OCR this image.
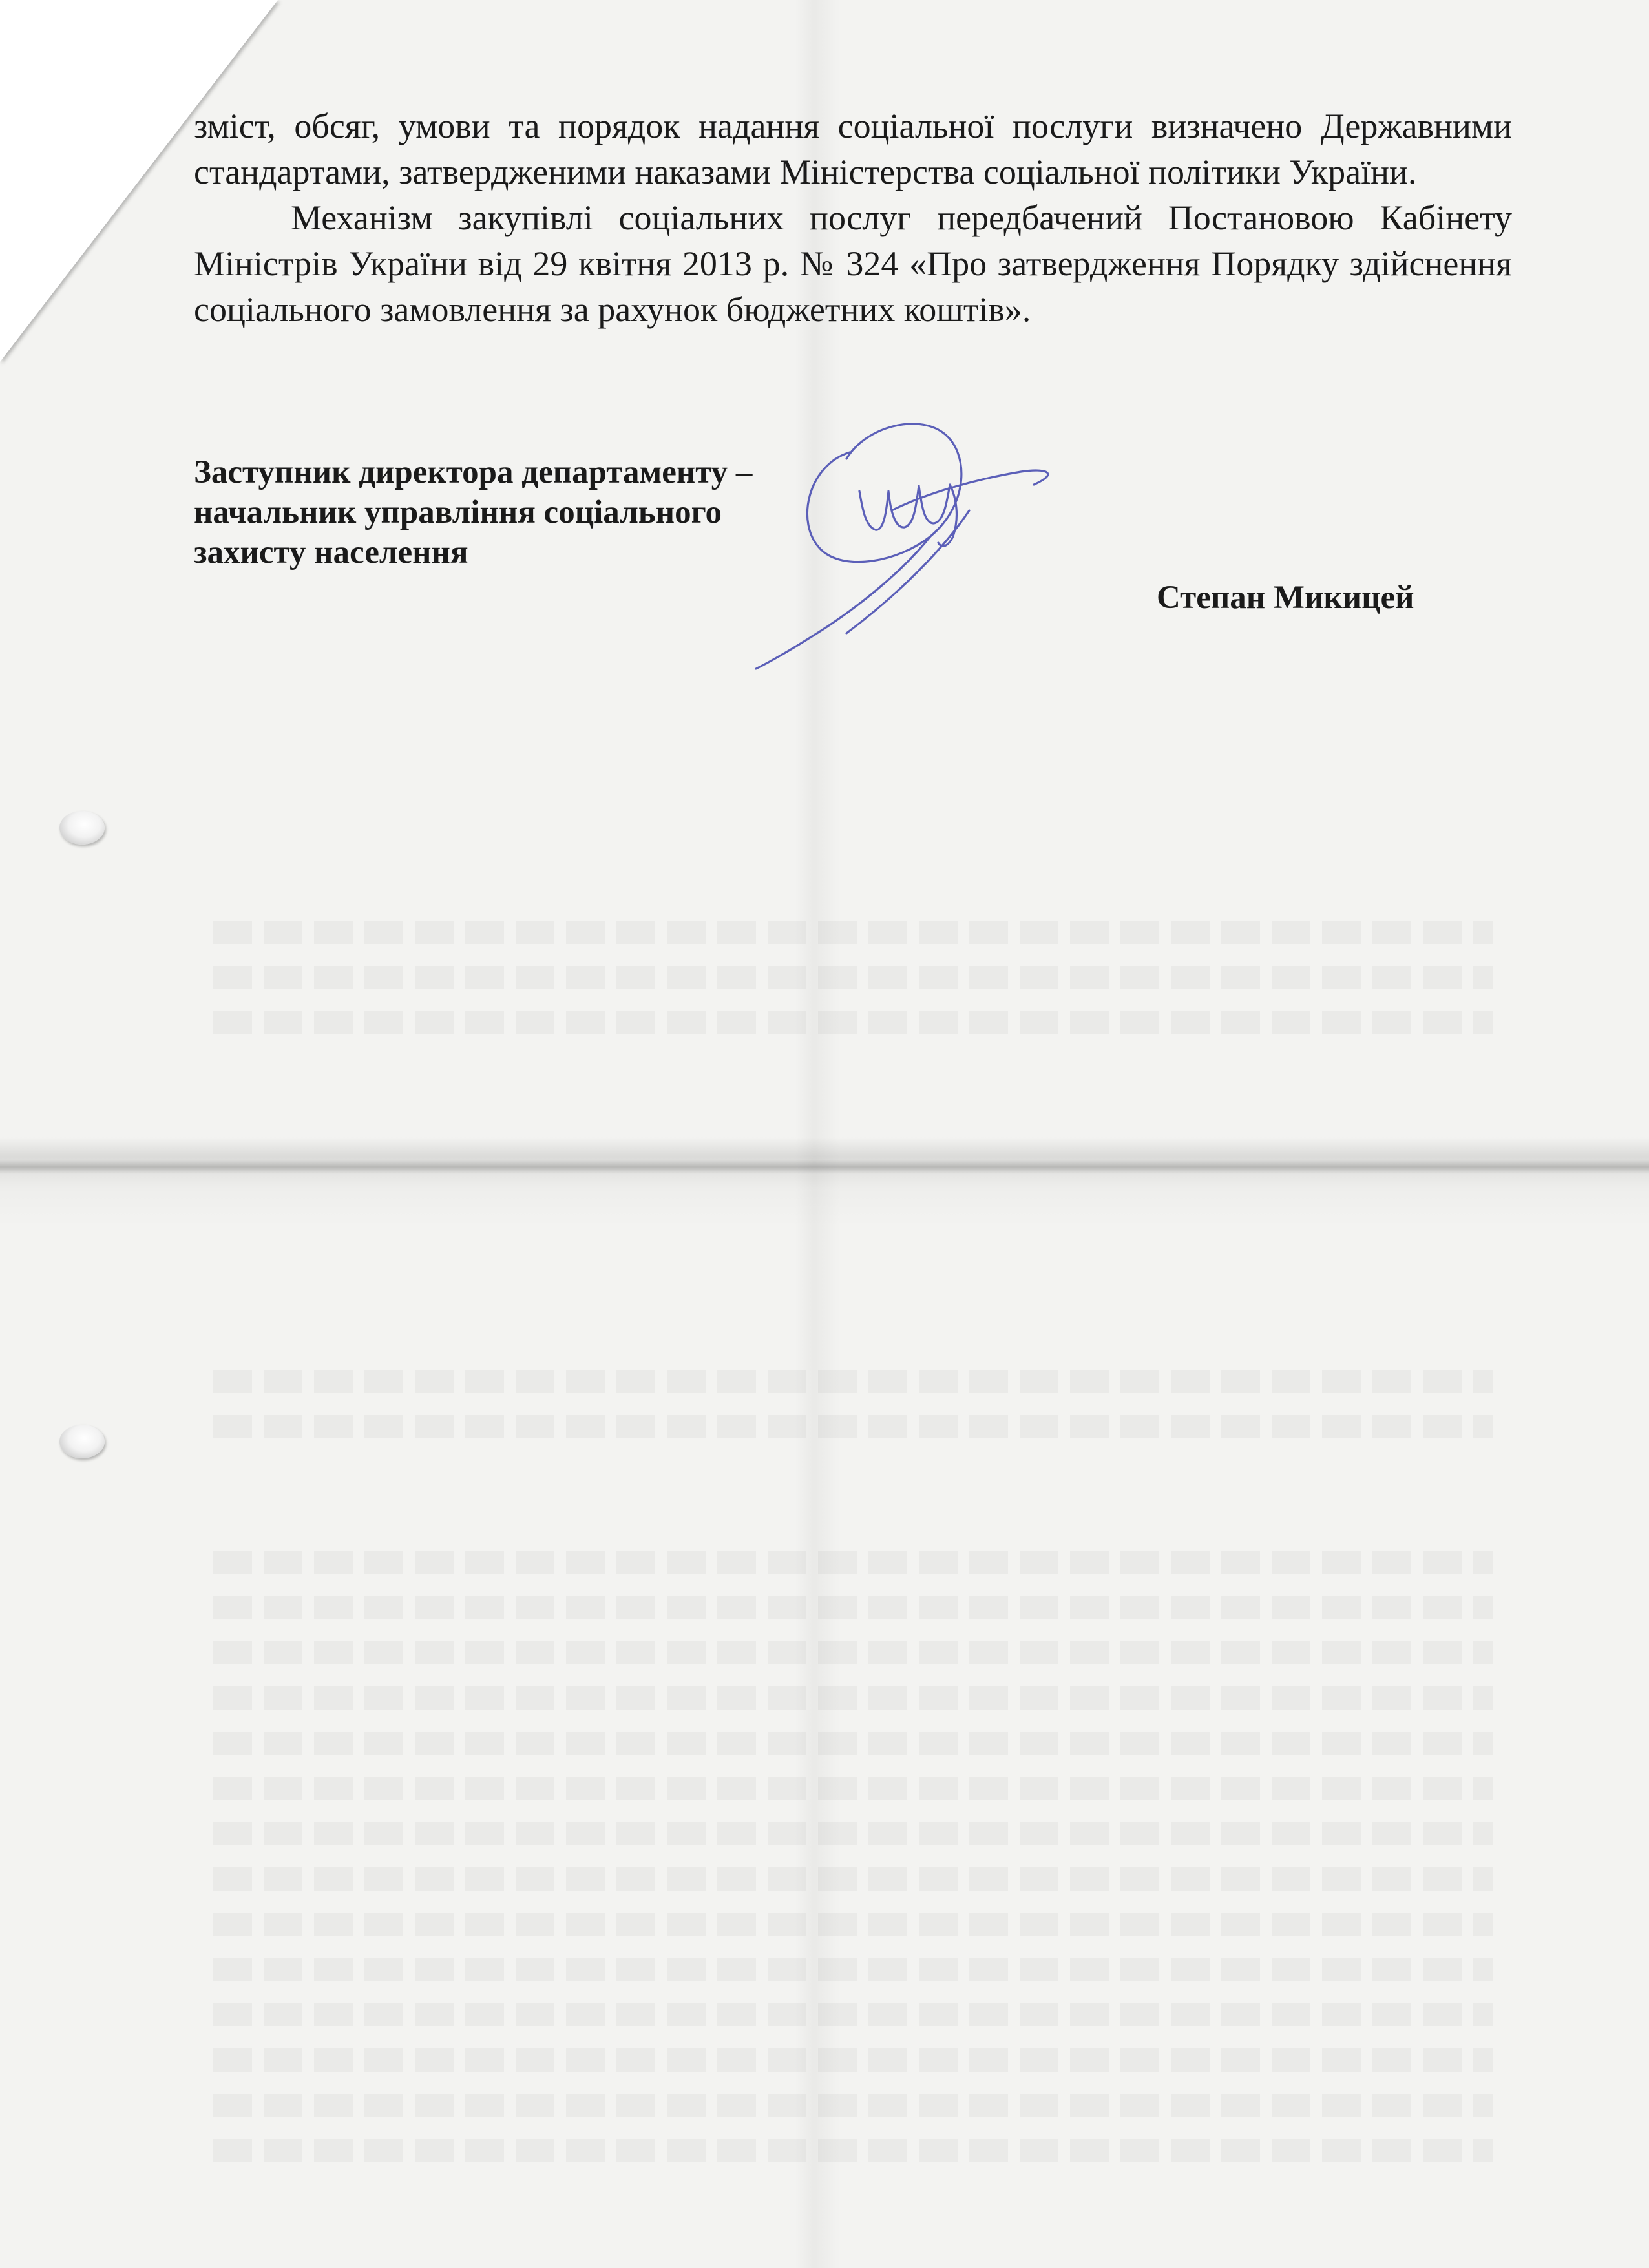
зміст, обсяг, умови та порядок надання соціальної послуги визначено Державними стандартами, затвердженими наказами Міністерства соціальної політики України.

Механізм закупівлі соціальних послуг передбачений Постановою Кабінету Міністрів України від 29 квітня 2013 р. № 324 «Про затвердження Порядку здійснення соціального замовлення за рахунок бюджетних коштів».

Заступник директора департаменту –
начальник управління соціального
захисту населення
Степан Микицей
